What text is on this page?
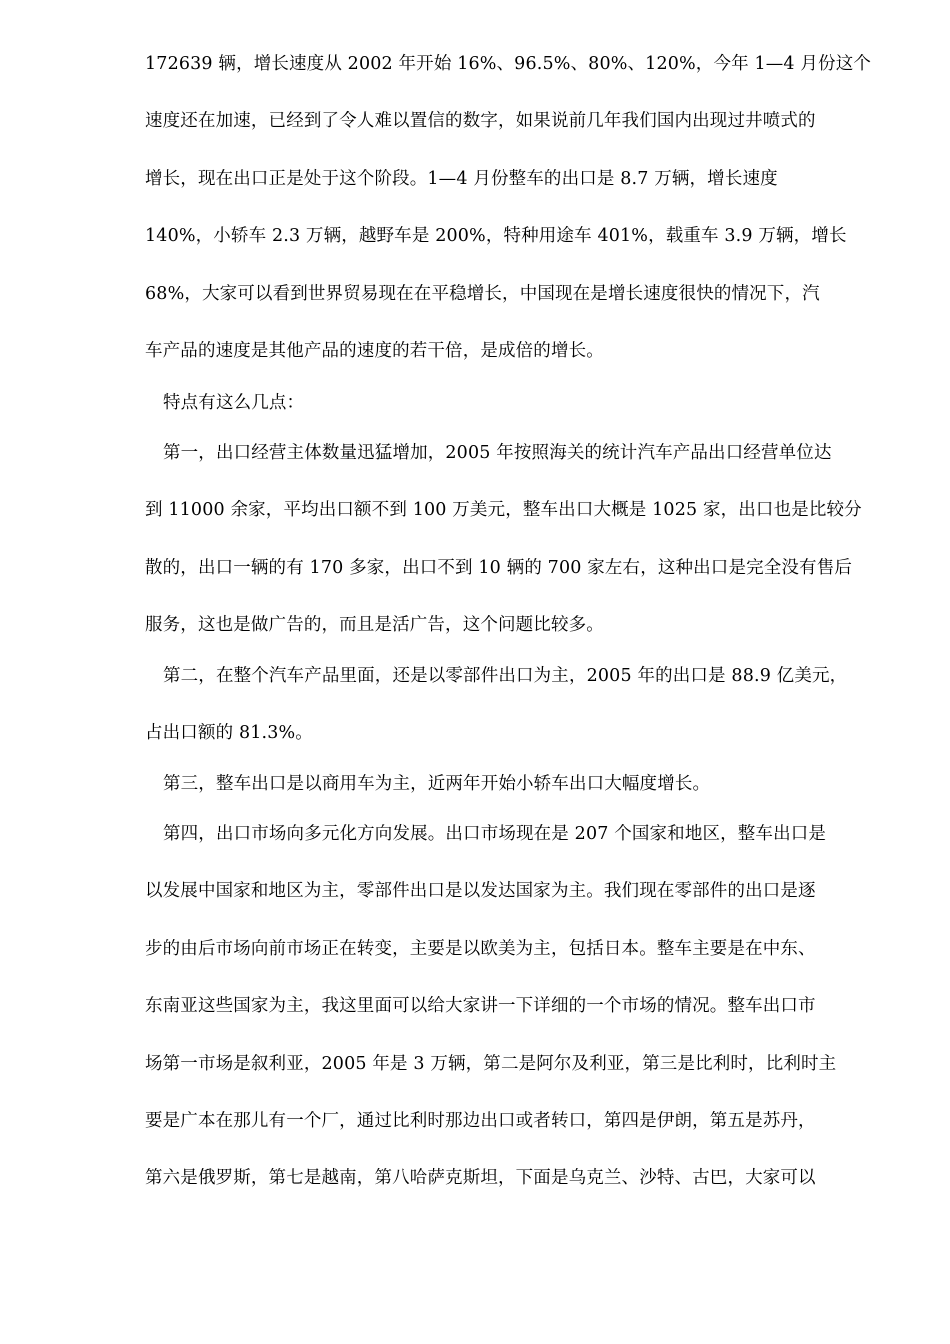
172639 辆，增长速度从 2002 年开始 16%、96.5%、80%、120%，今年 1—4 月份这个
速度还在加速，已经到了令人难以置信的数字，如果说前几年我们国内出现过井喷式的
增长，现在出口正是处于这个阶段。1—4 月份整车的出口是 8.7 万辆，增长速度
140%，小轿车 2.3 万辆，越野车是 200%，特种用途车 401%，载重车 3.9 万辆，增长
68%，大家可以看到世界贸易现在在平稳增长，中国现在是增长速度很快的情况下，汽
车产品的速度是其他产品的速度的若干倍，是成倍的增长。
特点有这么几点：
第一，出口经营主体数量迅猛增加，2005 年按照海关的统计汽车产品出口经营单位达
到 11000 余家，平均出口额不到 100 万美元，整车出口大概是 1025 家，出口也是比较分
散的，出口一辆的有 170 多家，出口不到 10 辆的 700 家左右，这种出口是完全没有售后
服务，这也是做广告的，而且是活广告，这个问题比较多。
第二，在整个汽车产品里面，还是以零部件出口为主，2005 年的出口是 88.9 亿美元，
占出口额的 81.3%。
第三，整车出口是以商用车为主，近两年开始小轿车出口大幅度增长。
第四，出口市场向多元化方向发展。出口市场现在是 207 个国家和地区，整车出口是
以发展中国家和地区为主，零部件出口是以发达国家为主。我们现在零部件的出口是逐
步的由后市场向前市场正在转变，主要是以欧美为主，包括日本。整车主要是在中东、
东南亚这些国家为主，我这里面可以给大家讲一下详细的一个市场的情况。整车出口市
场第一市场是叙利亚，2005 年是 3 万辆，第二是阿尔及利亚，第三是比利时，比利时主
要是广本在那儿有一个厂，通过比利时那边出口或者转口，第四是伊朗，第五是苏丹，
第六是俄罗斯，第七是越南，第八哈萨克斯坦，下面是乌克兰、沙特、古巴，大家可以
